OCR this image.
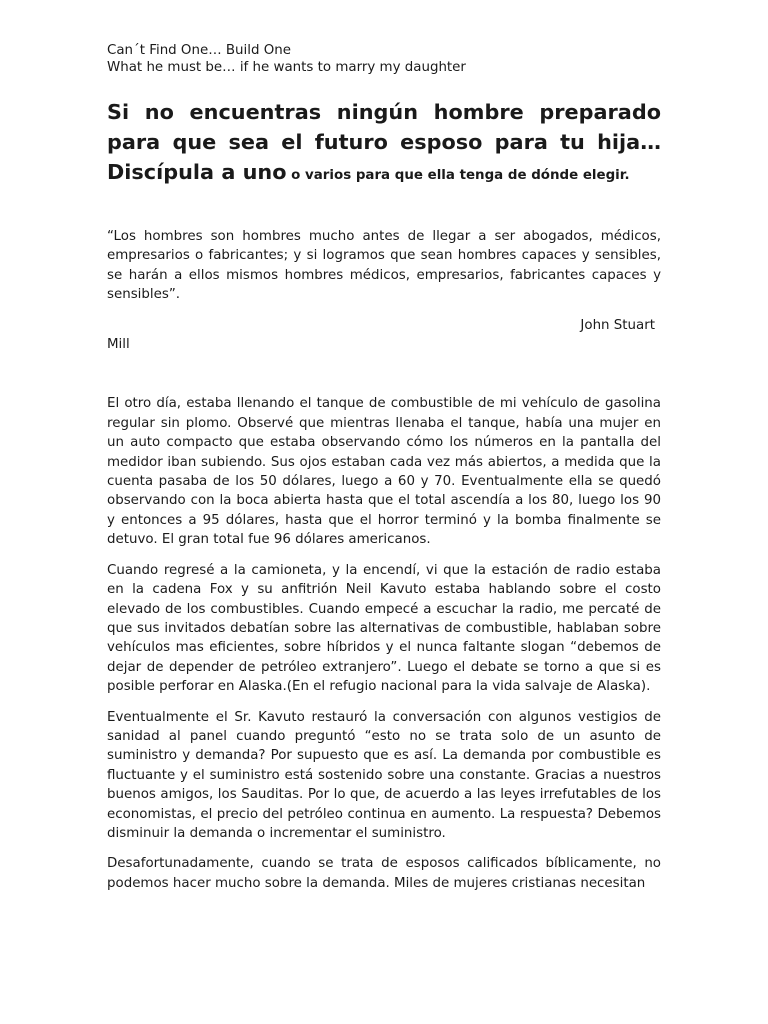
Can´t Find One… Build One

What he must be… if he wants to marry my daughter

Si no encuentras ningún hombre preparado para que sea el futuro esposo para tu hija… Discípula a uno o varios para que ella tenga de dónde elegir.

“Los hombres son hombres mucho antes de llegar a ser abogados, médicos, empresarios o fabricantes; y si logramos que sean hombres capaces y sensibles, se harán a ellos mismos hombres médicos, empresarios, fabricantes capaces y sensibles”.

John Stuart
Mill

El otro día, estaba llenando el tanque de combustible de mi vehículo de gasolina regular sin plomo. Observé que mientras llenaba el tanque, había una mujer en un auto compacto que estaba observando cómo los números en la pantalla del medidor iban subiendo. Sus ojos estaban cada vez más abiertos, a medida que la cuenta pasaba de los 50 dólares, luego a 60 y 70. Eventualmente ella se quedó observando con la boca abierta hasta que el total ascendía a los 80, luego los 90 y entonces a 95 dólares, hasta que el horror terminó y la bomba finalmente se detuvo. El gran total fue 96 dólares americanos.

Cuando regresé a la camioneta, y la encendí, vi que la estación de radio estaba en la cadena Fox y su anfitrión Neil Kavuto estaba hablando sobre el costo elevado de los combustibles. Cuando empecé a escuchar la radio, me percaté de que sus invitados debatían sobre las alternativas de combustible, hablaban sobre vehículos mas eficientes, sobre híbridos y el nunca faltante slogan “debemos de dejar de depender de petróleo extranjero”. Luego el debate se torno a que si es posible perforar en Alaska.(En el refugio nacional para la vida salvaje de Alaska).

Eventualmente el Sr. Kavuto restauró la conversación con algunos vestigios de sanidad al panel cuando preguntó “esto no se trata solo de un asunto de suministro y demanda? Por supuesto que es así. La demanda por combustible es fluctuante y el suministro está sostenido sobre una constante. Gracias a nuestros buenos amigos, los Sauditas. Por lo que, de acuerdo a las leyes irrefutables de los economistas, el precio del petróleo continua en aumento. La respuesta? Debemos disminuir la demanda o incrementar el suministro.

Desafortunadamente, cuando se trata de esposos calificados bíblicamente, no podemos hacer mucho sobre la demanda. Miles de mujeres cristianas necesitan
